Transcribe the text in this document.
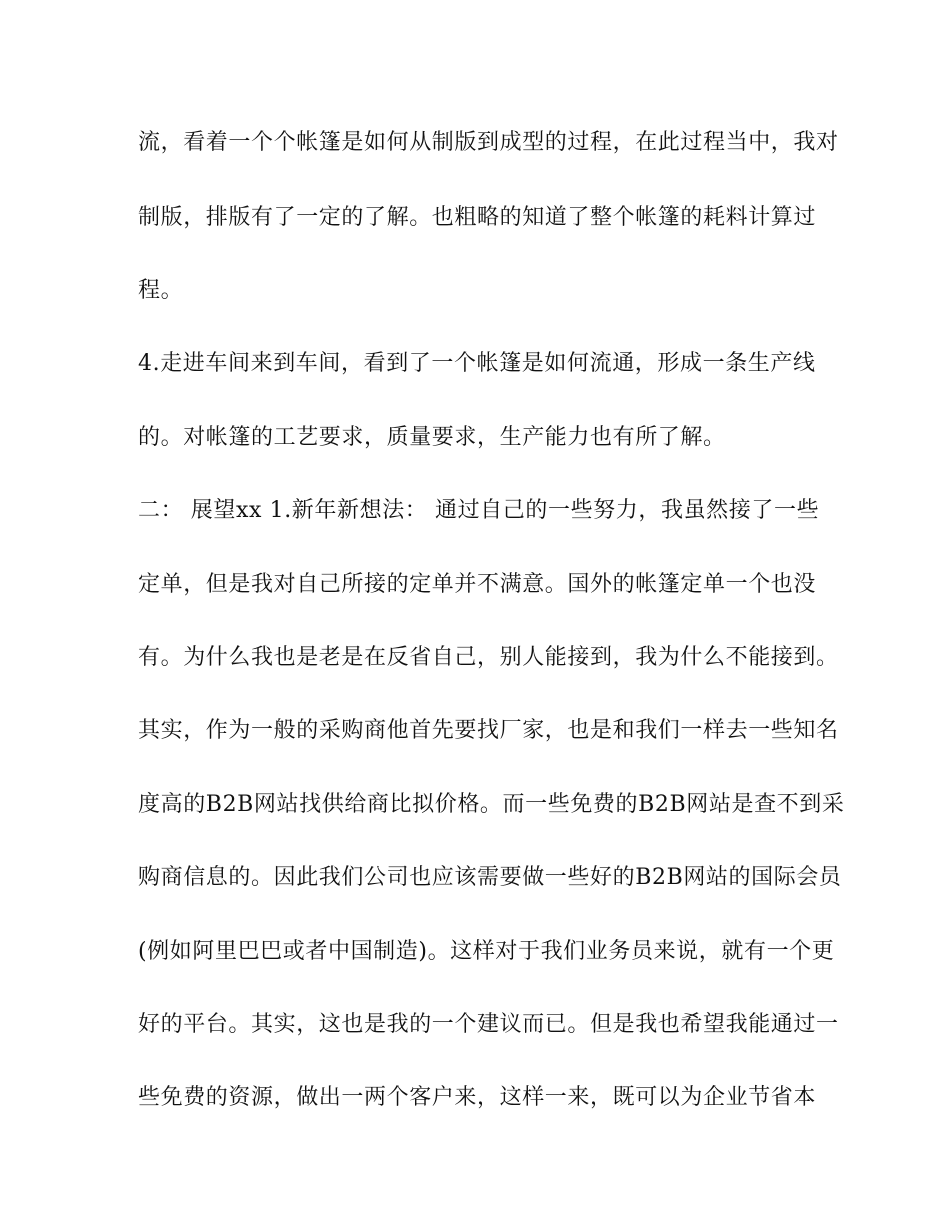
流，看着一个个帐篷是如何从制版到成型的过程，在此过程当中，我对
制版，排版有了一定的了解。也粗略的知道了整个帐篷的耗料计算过
程。
4.走进车间来到车间，看到了一个帐篷是如何流通，形成一条生产线
的。对帐篷的工艺要求，质量要求，生产能力也有所了解。
二： 展望xx 1.新年新想法： 通过自己的一些努力，我虽然接了一些
定单，但是我对自己所接的定单并不满意。国外的帐篷定单一个也没
有。为什么我也是老是在反省自己，别人能接到，我为什么不能接到。
其实，作为一般的采购商他首先要找厂家，也是和我们一样去一些知名
度高的B2B网站找供给商比拟价格。而一些免费的B2B网站是查不到采
购商信息的。因此我们公司也应该需要做一些好的B2B网站的国际会员
(例如阿里巴巴或者中国制造)。这样对于我们业务员来说，就有一个更
好的平台。其实，这也是我的一个建议而已。但是我也希望我能通过一
些免费的资源，做出一两个客户来，这样一来，既可以为企业节省本
